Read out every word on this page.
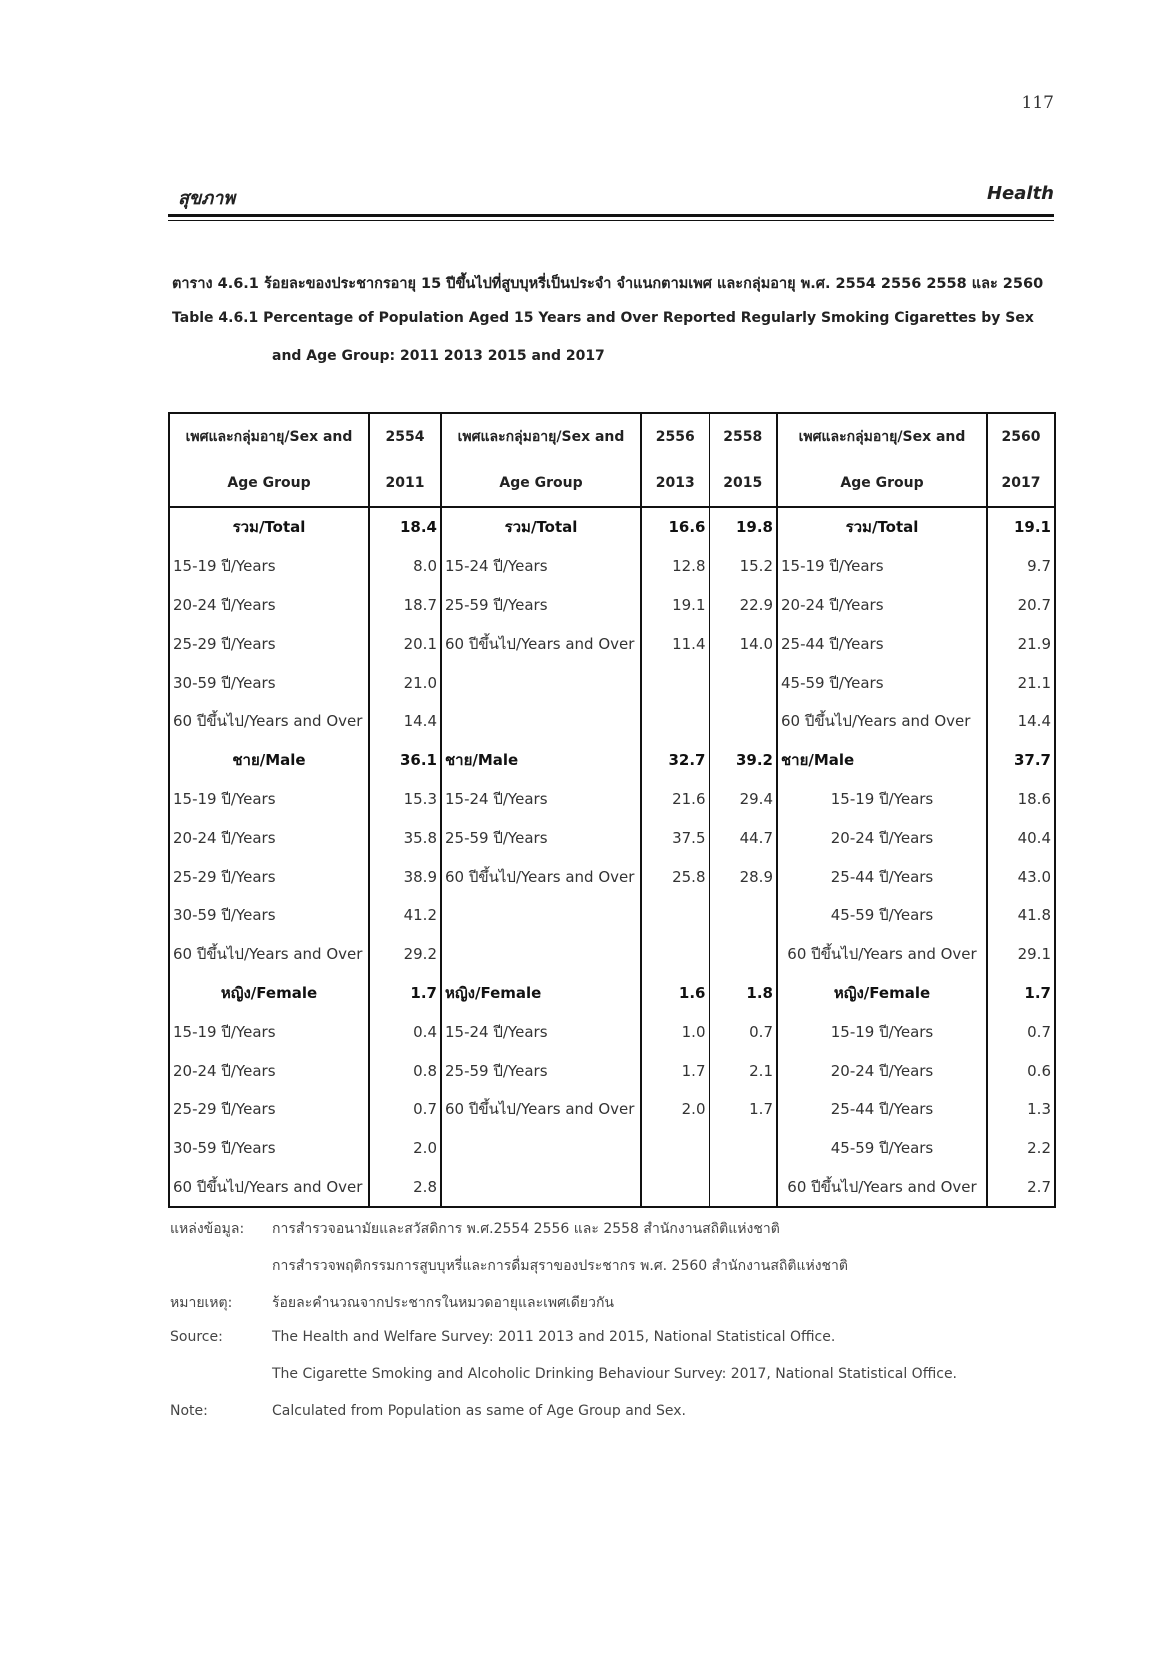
117
สุขภาพ	Health
ตาราง 4.6.1 ร้อยละของประชากรอายุ 15 ปีขึ้นไปที่สูบบุหรี่เป็นประจำ จำแนกตามเพศ และกลุ่มอายุ พ.ศ. 2554 2556 2558 และ 2560
Table 4.6.1 Percentage of Population Aged 15 Years and Over Reported Regularly Smoking Cigarettes by Sex
and Age Group: 2011 2013 2015 and 2017
เพศและกลุ่มอายุ/Sex and	2554	เพศและกลุ่มอายุ/Sex and	2556	2558	เพศและกลุ่มอายุ/Sex and	2560
Age Group	2011	Age Group	2013	2015	Age Group	2017
รวม/Total	18.4	รวม/Total	16.6	19.8	รวม/Total	19.1
15-19 ปี/Years	8.0	15-24 ปี/Years	12.8	15.2	15-19 ปี/Years	9.7
20-24 ปี/Years	18.7	25-59 ปี/Years	19.1	22.9	20-24 ปี/Years	20.7
25-29 ปี/Years	20.1	60 ปีขึ้นไป/Years and Over	11.4	14.0	25-44 ปี/Years	21.9
30-59 ปี/Years	21.0				45-59 ปี/Years	21.1
60 ปีขึ้นไป/Years and Over	14.4				60 ปีขึ้นไป/Years and Over	14.4
ชาย/Male	36.1	ชาย/Male	32.7	39.2	ชาย/Male	37.7
15-19 ปี/Years	15.3	15-24 ปี/Years	21.6	29.4	15-19 ปี/Years	18.6
20-24 ปี/Years	35.8	25-59 ปี/Years	37.5	44.7	20-24 ปี/Years	40.4
25-29 ปี/Years	38.9	60 ปีขึ้นไป/Years and Over	25.8	28.9	25-44 ปี/Years	43.0
30-59 ปี/Years	41.2				45-59 ปี/Years	41.8
60 ปีขึ้นไป/Years and Over	29.2				60 ปีขึ้นไป/Years and Over	29.1
หญิง/Female	1.7	หญิง/Female	1.6	1.8	หญิง/Female	1.7
15-19 ปี/Years	0.4	15-24 ปี/Years	1.0	0.7	15-19 ปี/Years	0.7
20-24 ปี/Years	0.8	25-59 ปี/Years	1.7	2.1	20-24 ปี/Years	0.6
25-29 ปี/Years	0.7	60 ปีขึ้นไป/Years and Over	2.0	1.7	25-44 ปี/Years	1.3
30-59 ปี/Years	2.0				45-59 ปี/Years	2.2
60 ปีขึ้นไป/Years and Over	2.8				60 ปีขึ้นไป/Years and Over	2.7
แหล่งข้อมูล:	การสำรวจอนามัยและสวัสดิการ พ.ศ.2554 2556 และ 2558 สำนักงานสถิติแห่งชาติ
การสำรวจพฤติกรรมการสูบบุหรี่และการดื่มสุราของประชากร พ.ศ. 2560 สำนักงานสถิติแห่งชาติ
หมายเหตุ:	ร้อยละคำนวณจากประชากรในหมวดอายุและเพศเดียวกัน
Source:	The Health and Welfare Survey: 2011 2013 and 2015, National Statistical Office.
The Cigarette Smoking and Alcoholic Drinking Behaviour Survey: 2017, National Statistical Office.
Note:	Calculated from Population as same of Age Group and Sex.
